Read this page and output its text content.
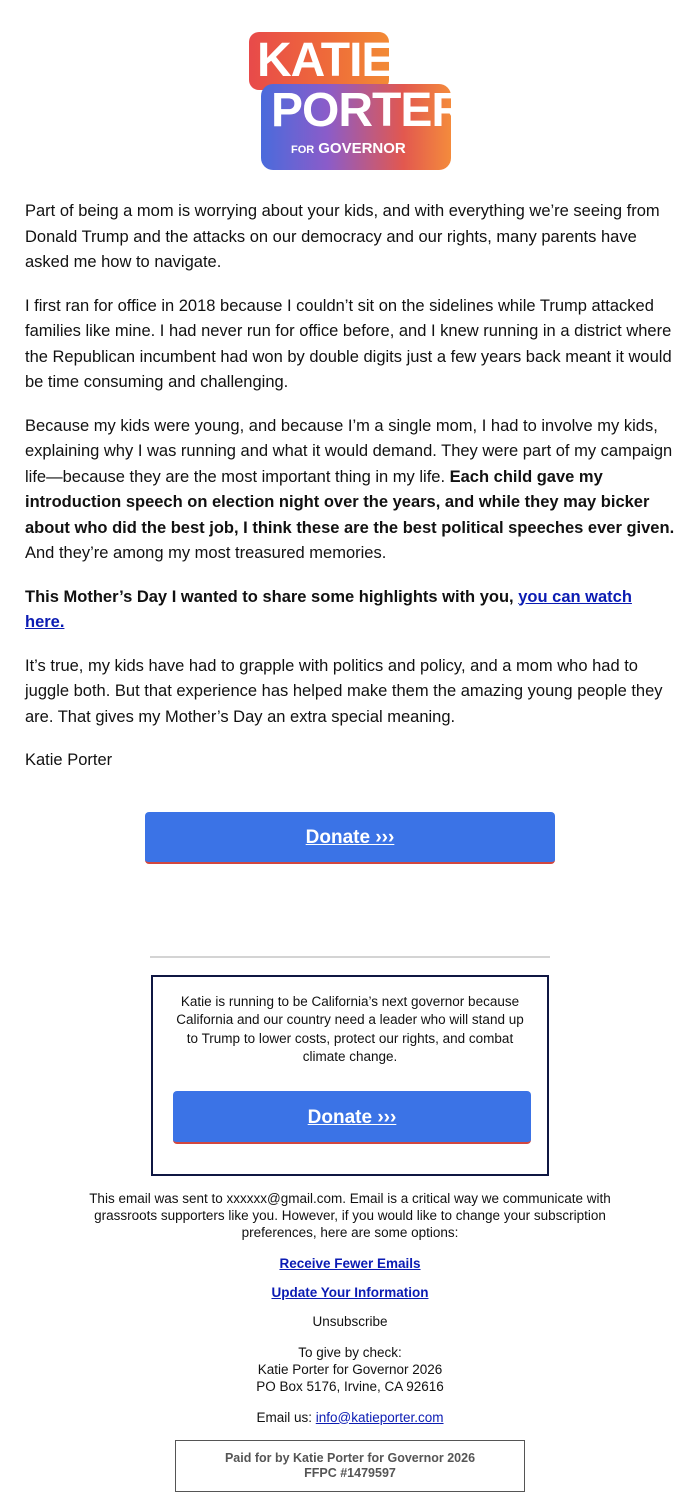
KATIE
PORTER
FOR GOVERNOR

Part of being a mom is worrying about your kids, and with everything we’re seeing from Donald Trump and the attacks on our democracy and our rights, many parents have asked me how to navigate.

I first ran for office in 2018 because I couldn’t sit on the sidelines while Trump attacked families like mine. I had never run for office before, and I knew running in a district where the Republican incumbent had won by double digits just a few years back meant it would be time consuming and challenging.

Because my kids were young, and because I’m a single mom, I had to involve my kids, explaining why I was running and what it would demand. They were part of my campaign life—because they are the most important thing in my life. Each child gave my introduction speech on election night over the years, and while they may bicker about who did the best job, I think these are the best political speeches ever given. And they’re among my most treasured memories.

This Mother’s Day I wanted to share some highlights with you, you can watch here.

It’s true, my kids have had to grapple with politics and policy, and a mom who had to juggle both. But that experience has helped make them the amazing young people they are. That gives my Mother’s Day an extra special meaning.

Katie Porter

Donate ›››

Katie is running to be California’s next governor because California and our country need a leader who will stand up to Trump to lower costs, protect our rights, and combat climate change.

Donate ›››

This email was sent to xxxxxx@gmail.com. Email is a critical way we communicate with grassroots supporters like you. However, if you would like to change your subscription preferences, here are some options:

Receive Fewer Emails

Update Your Information

Unsubscribe

To give by check:

Katie Porter for Governor 2026

PO Box 5176, Irvine, CA 92616

Email us: info@katieporter.com

Paid for by Katie Porter for Governor 2026
FFPC #1479597
